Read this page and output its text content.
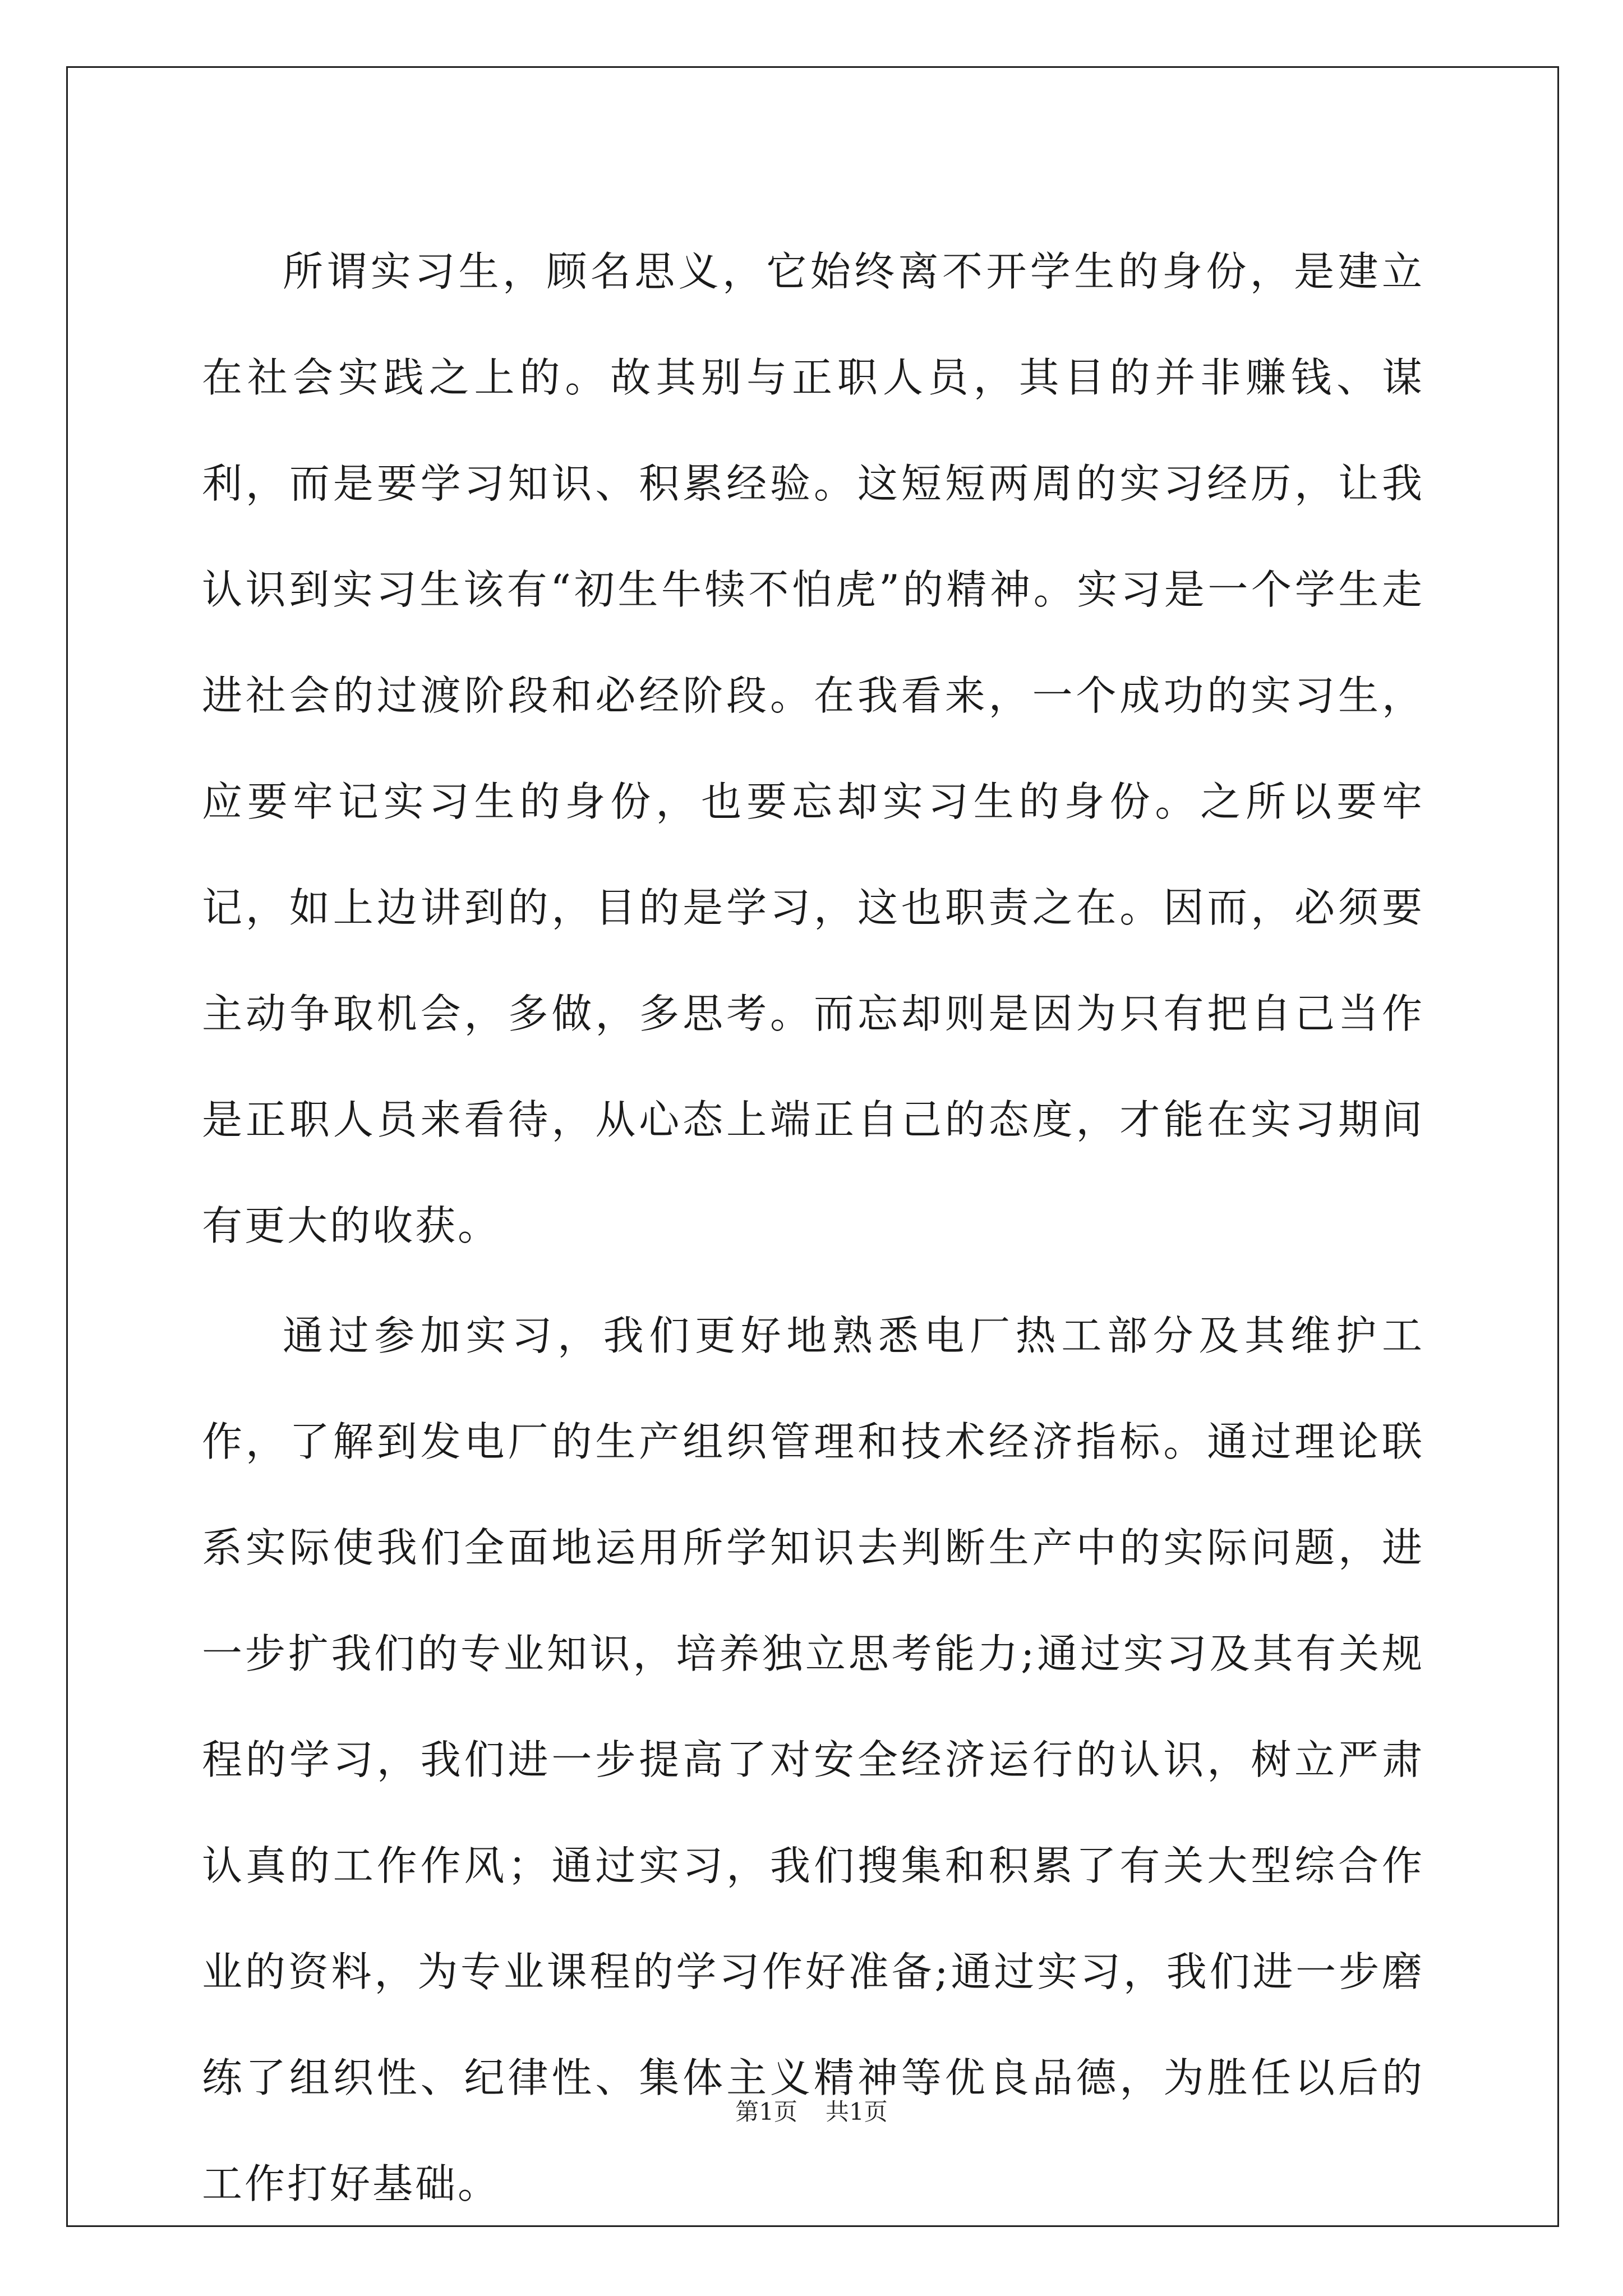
所谓实习生，顾名思义，它始终离不开学生的身份，是建立在社会实践之上的。故其别与正职人员，其目的并非赚钱、谋利，而是要学习知识、积累经验。这短短两周的实习经历，让我认识到实习生该有“初生牛犊不怕虎”的精神。实习是一个学生走进社会的过渡阶段和必经阶段。在我看来，一个成功的实习生，应要牢记实习生的身份，也要忘却实习生的身份。之所以要牢记，如上边讲到的，目的是学习，这也职责之在。因而，必须要主动争取机会，多做，多思考。而忘却则是因为只有把自己当作是正职人员来看待，从心态上端正自己的态度，才能在实习期间有更大的收获。

通过参加实习，我们更好地熟悉电厂热工部分及其维护工作，了解到发电厂的生产组织管理和技术经济指标。通过理论联系实际使我们全面地运用所学知识去判断生产中的实际问题，进一步扩我们的专业知识，培养独立思考能力;通过实习及其有关规程的学习，我们进一步提高了对安全经济运行的认识，树立严肃认真的工作作风；通过实习，我们搜集和积累了有关大型综合作业的资料，为专业课程的学习作好准备;通过实习，我们进一步磨练了组织性、纪律性、集体主义精神等优良品德，为胜任以后的工作打好基础。

第1页 共1页
